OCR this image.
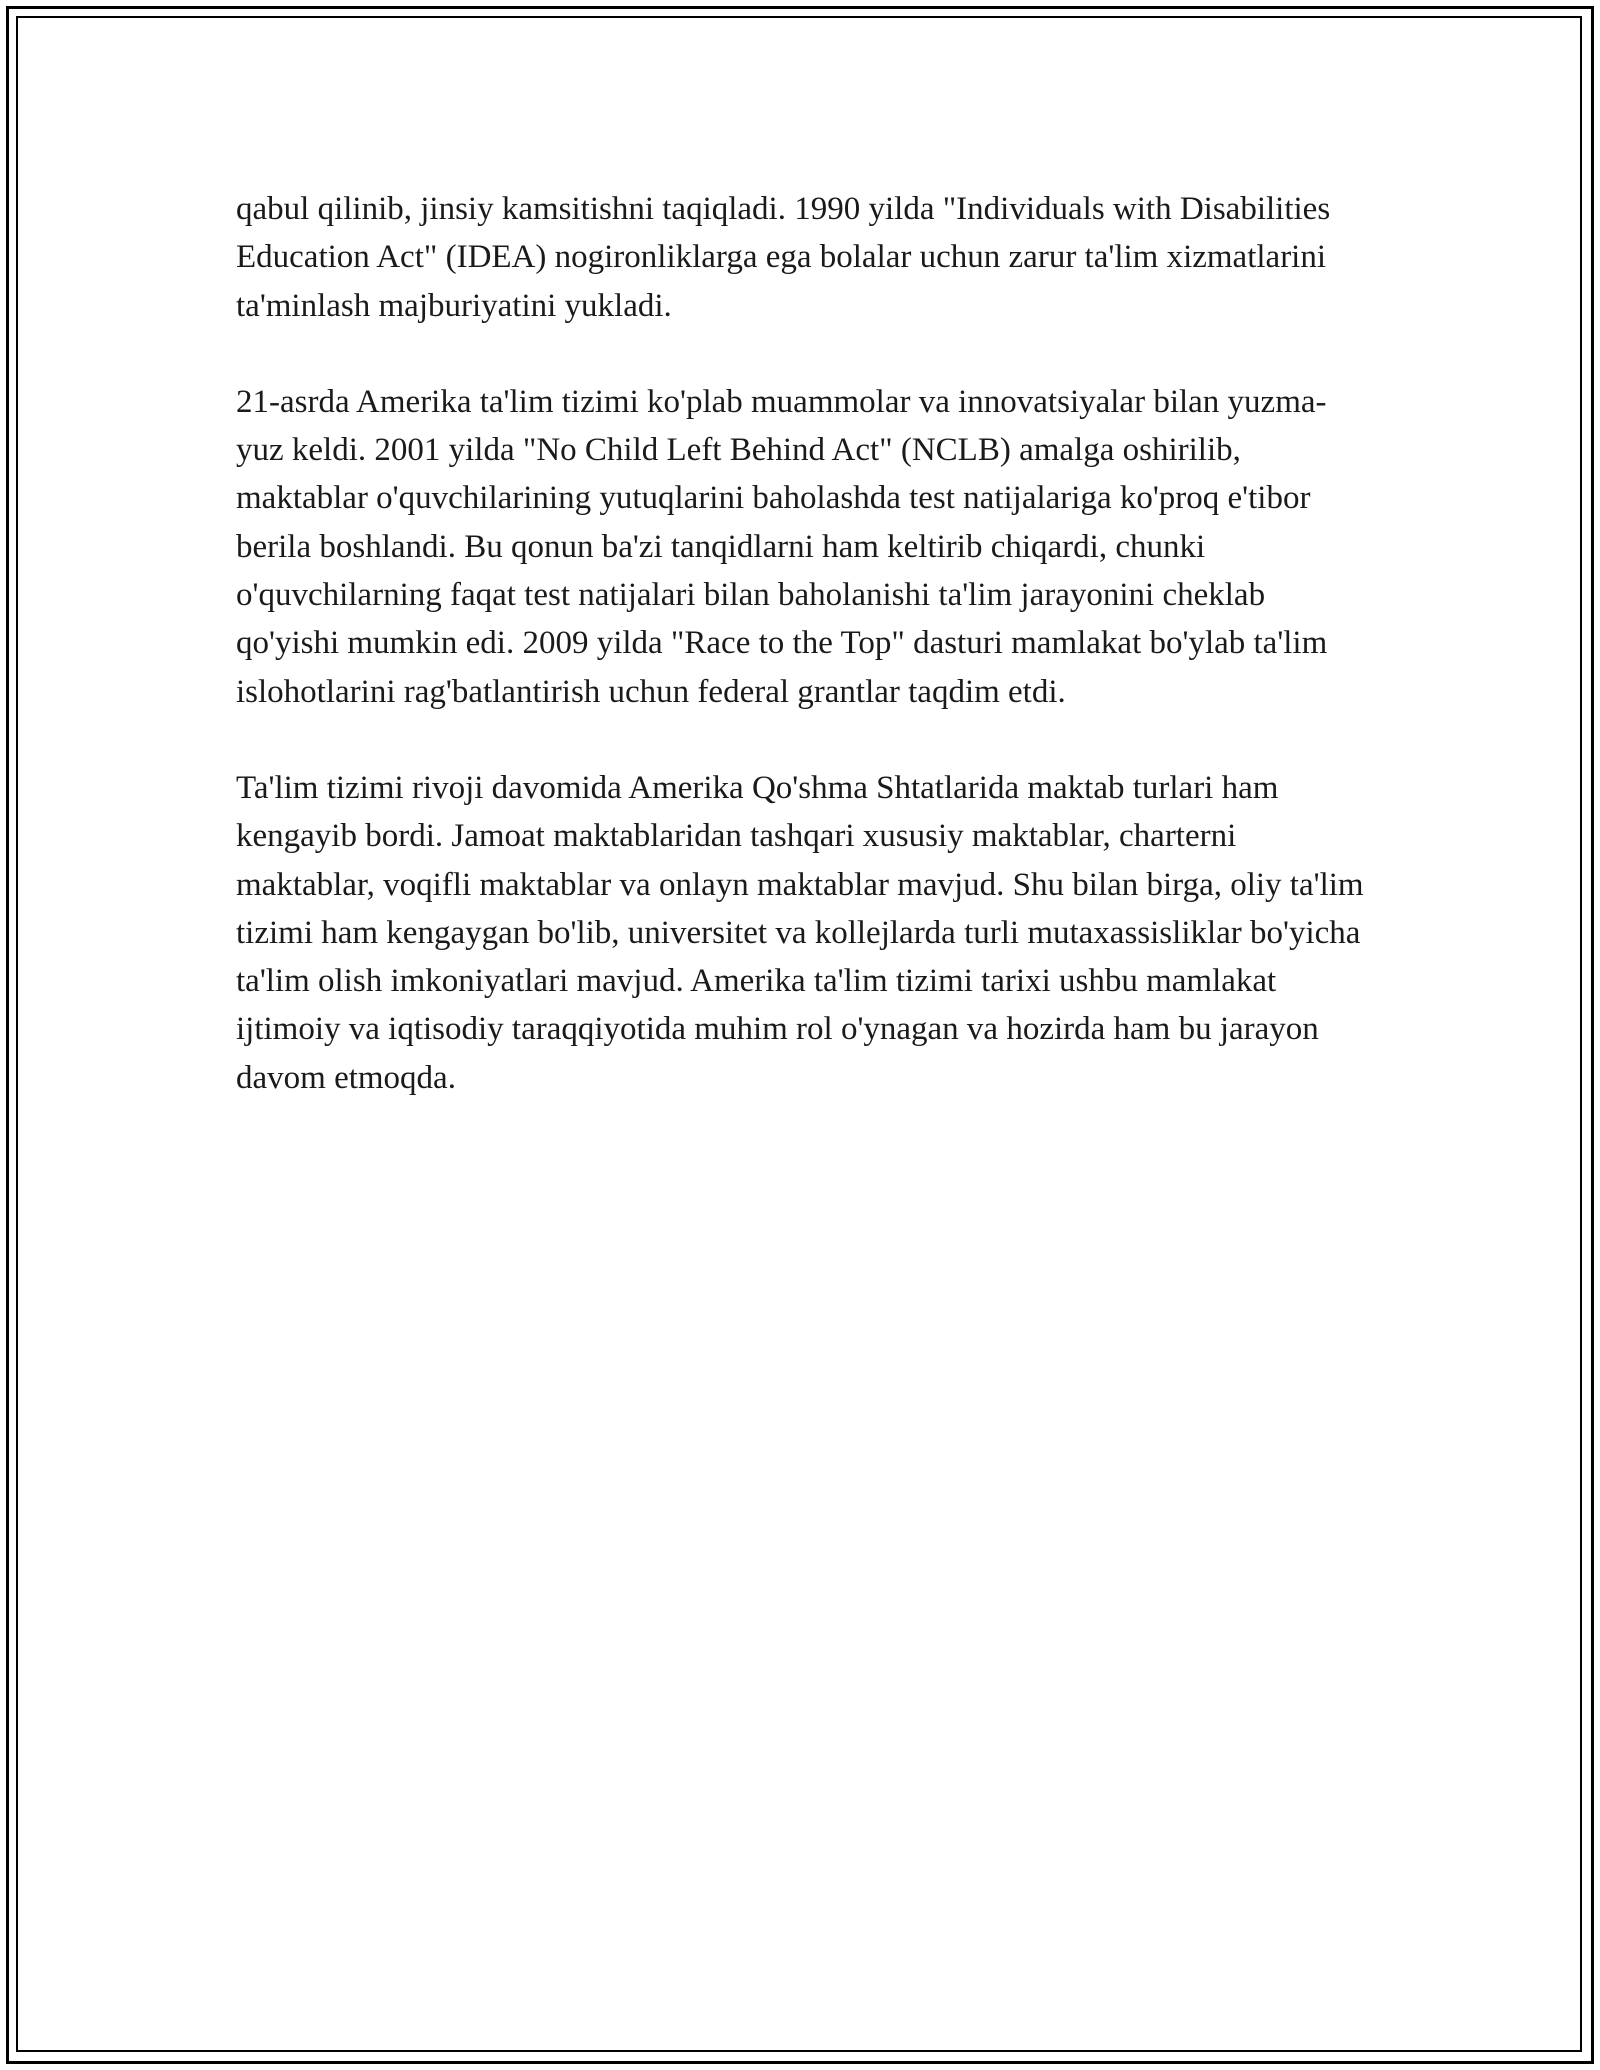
qabul qilinib, jinsiy kamsitishni taqiqladi. 1990 yilda "Individuals with Disabilities Education Act" (IDEA) nogironliklarga ega bolalar uchun zarur ta'lim xizmatlarini ta'minlash majburiyatini yukladi.

21-asrda Amerika ta'lim tizimi ko'plab muammolar va innovatsiyalar bilan yuzma-yuz keldi. 2001 yilda "No Child Left Behind Act" (NCLB) amalga oshirilib, maktablar o'quvchilarining yutuqlarini baholashda test natijalariga ko'proq e'tibor berila boshlandi. Bu qonun ba'zi tanqidlarni ham keltirib chiqardi, chunki o'quvchilarning faqat test natijalari bilan baholanishi ta'lim jarayonini cheklab qo'yishi mumkin edi. 2009 yilda "Race to the Top" dasturi mamlakat bo'ylab ta'lim islohotlarini rag'batlantirish uchun federal grantlar taqdim etdi.

Ta'lim tizimi rivoji davomida Amerika Qo'shma Shtatlarida maktab turlari ham kengayib bordi. Jamoat maktablaridan tashqari xususiy maktablar, charterni maktablar, voqifli maktablar va onlayn maktablar mavjud. Shu bilan birga, oliy ta'lim tizimi ham kengaygan bo'lib, universitet va kollejlarda turli mutaxassisliklar bo'yicha ta'lim olish imkoniyatlari mavjud. Amerika ta'lim tizimi tarixi ushbu mamlakat ijtimoiy va iqtisodiy taraqqiyotida muhim rol o'ynagan va hozirda ham bu jarayon davom etmoqda.
